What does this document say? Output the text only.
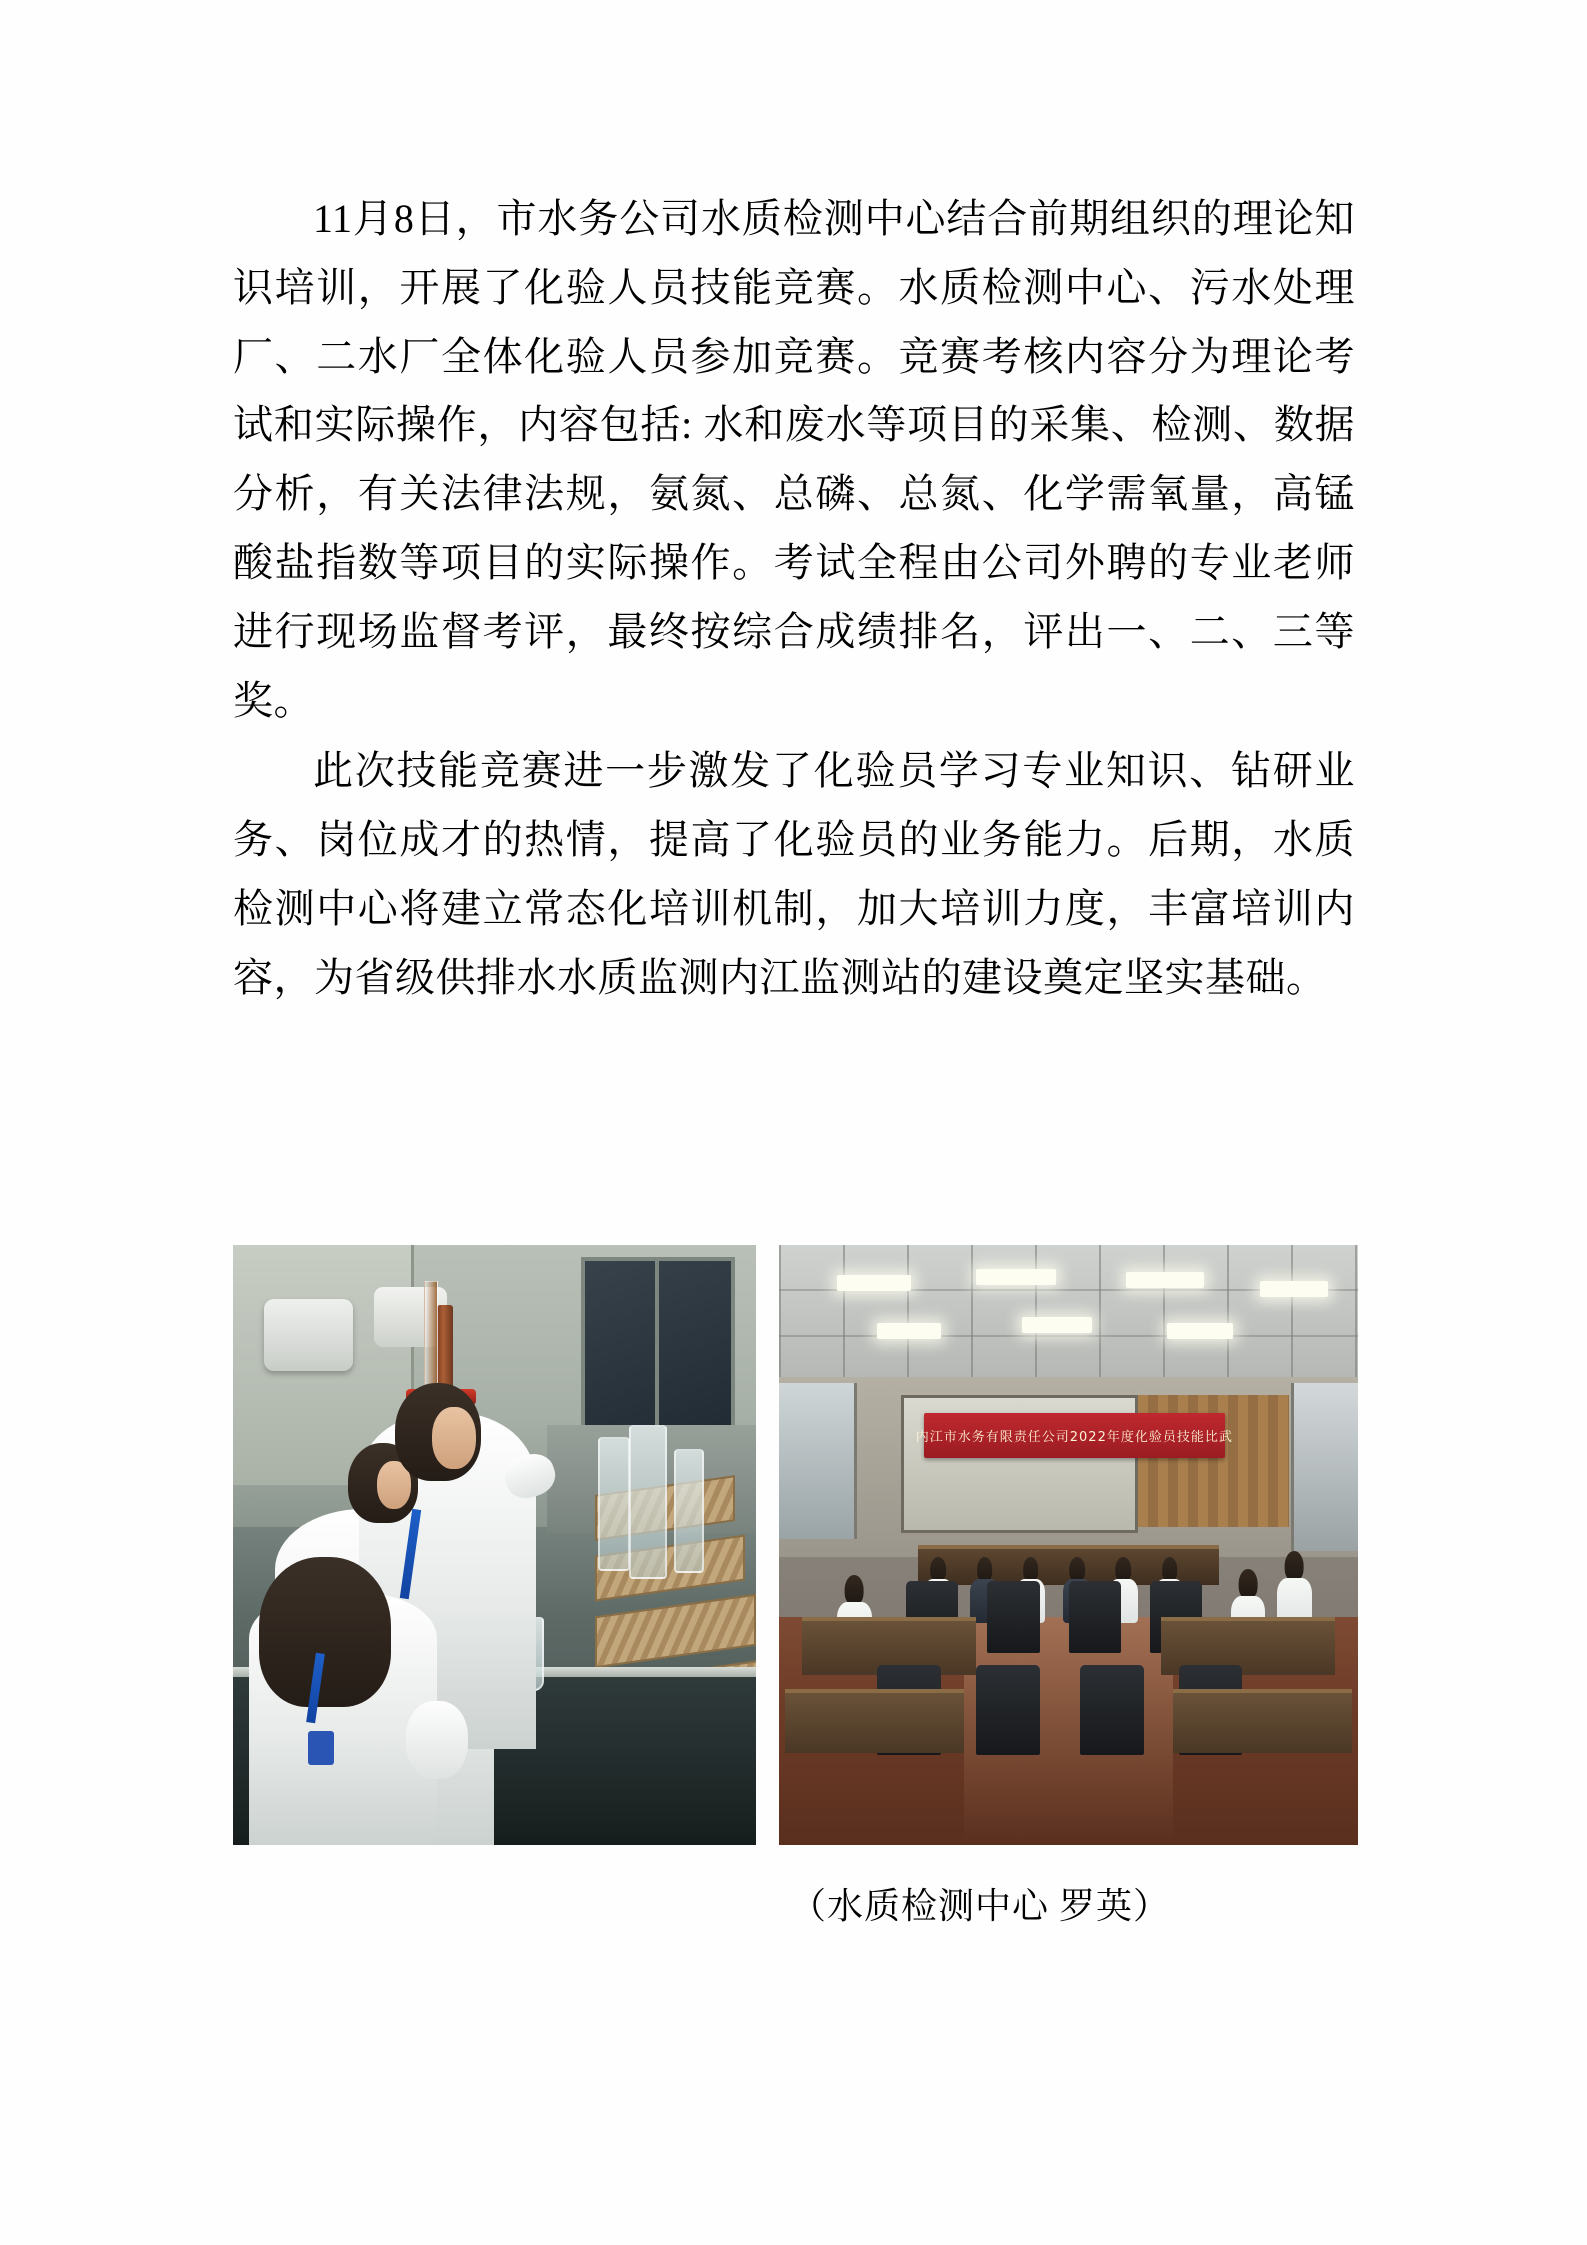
11月8日，市水务公司水质检测中心结合前期组织的理论知识培训，开展了化验人员技能竞赛。水质检测中心、污水处理厂、二水厂全体化验人员参加竞赛。竞赛考核内容分为理论考试和实际操作，内容包括: 水和废水等项目的采集、检测、数据分析，有关法律法规，氨氮、总磷、总氮、化学需氧量，高锰酸盐指数等项目的实际操作。考试全程由公司外聘的专业老师进行现场监督考评，最终按综合成绩排名，评出一、二、三等奖。

此次技能竞赛进一步激发了化验员学习专业知识、钻研业务、岗位成才的热情，提高了化验员的业务能力。后期，水质检测中心将建立常态化培训机制，加大培训力度，丰富培训内容，为省级供排水水质监测内江监测站的建设奠定坚实基础。

内江市水务有限责任公司2022年度化验员技能比武
（水质检测中心 罗英）
